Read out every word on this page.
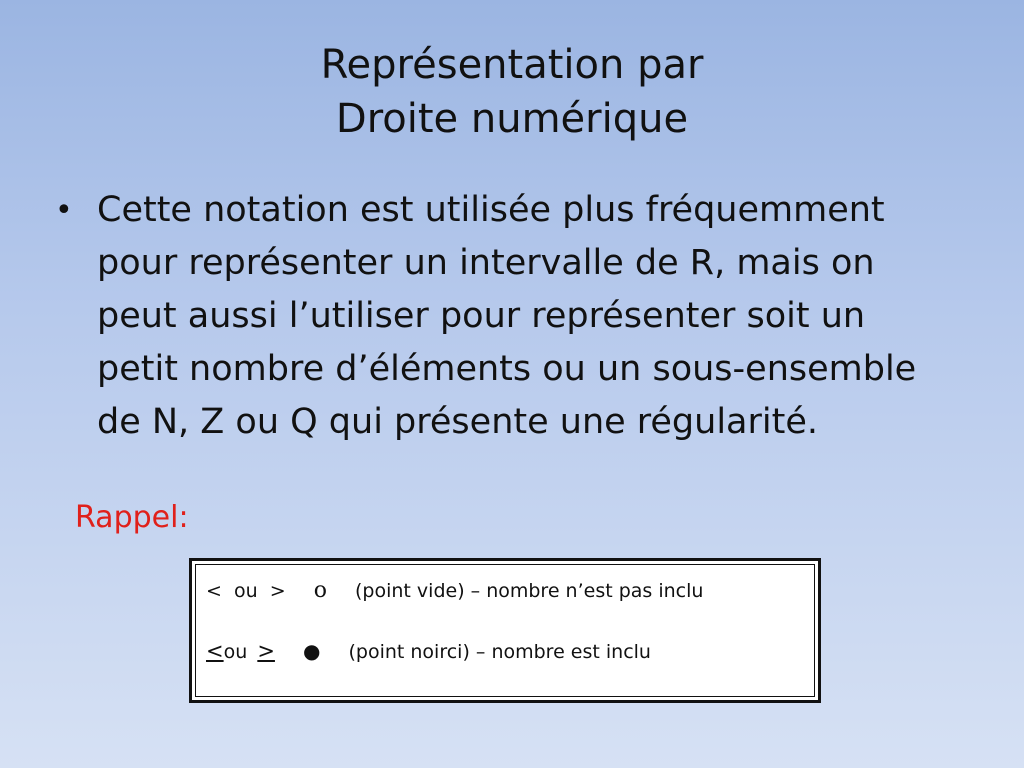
Représentation par
Droite numérique
• Cette notation est utilisée plus fréquemment
pour représenter un intervalle de R, mais on
peut aussi l’utiliser pour représenter soit un
petit nombre d’éléments ou un sous-ensemble
de N, Z ou Q qui présente une régularité.
Rappel:
<  ou  > o (point vide) – nombre n’est pas inclu
<ou > ● (point noirci) – nombre est inclu
